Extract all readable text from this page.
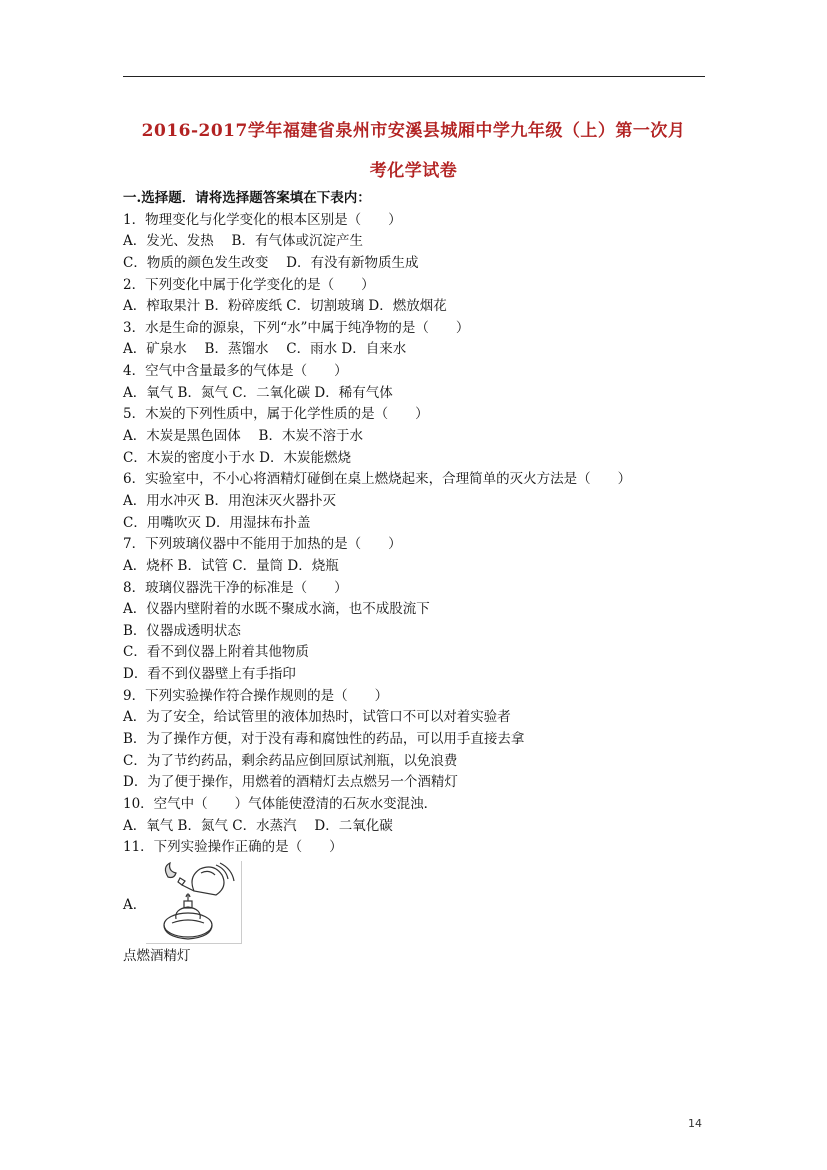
2016-2017学年福建省泉州市安溪县城厢中学九年级（上）第一次月
考化学试卷
一.选择题．请将选择题答案填在下表内：
1．物理变化与化学变化的根本区别是（　　）
A．发光、发热　 B．有气体或沉淀产生
C．物质的颜色发生改变　 D．有没有新物质生成
2．下列变化中属于化学变化的是（　　）
A．榨取果汁 B．粉碎废纸 C．切割玻璃 D．燃放烟花
3．水是生命的源泉，下列“水”中属于纯净物的是（　　）
A．矿泉水　 B．蒸馏水　 C．雨水 D．自来水
4．空气中含量最多的气体是（　　）
A．氧气 B．氮气 C．二氧化碳 D．稀有气体
5．木炭的下列性质中，属于化学性质的是（　　）
A．木炭是黑色固体　 B．木炭不溶于水
C．木炭的密度小于水 D．木炭能燃烧
6．实验室中，不小心将酒精灯碰倒在桌上燃烧起来，合理简单的灭火方法是（　　）
A．用水冲灭 B．用泡沫灭火器扑灭
C．用嘴吹灭 D．用湿抹布扑盖
7．下列玻璃仪器中不能用于加热的是（　　）
A．烧杯 B．试管 C．量筒 D．烧瓶
8．玻璃仪器洗干净的标准是（　　）
A．仪器内壁附着的水既不聚成水滴，也不成股流下
B．仪器成透明状态
C．看不到仪器上附着其他物质
D．看不到仪器壁上有手指印
9．下列实验操作符合操作规则的是（　　）
A．为了安全，给试管里的液体加热时，试管口不可以对着实验者
B．为了操作方便，对于没有毒和腐蚀性的药品，可以用手直接去拿
C．为了节约药品，剩余药品应倒回原试剂瓶，以免浪费
D．为了便于操作，用燃着的酒精灯去点燃另一个酒精灯
10．空气中（　　）气体能使澄清的石灰水变混浊．
A．氧气 B．氮气 C．水蒸汽　 D．二氧化碳
11．下列实验操作正确的是（　　）
A．
点燃酒精灯
14
